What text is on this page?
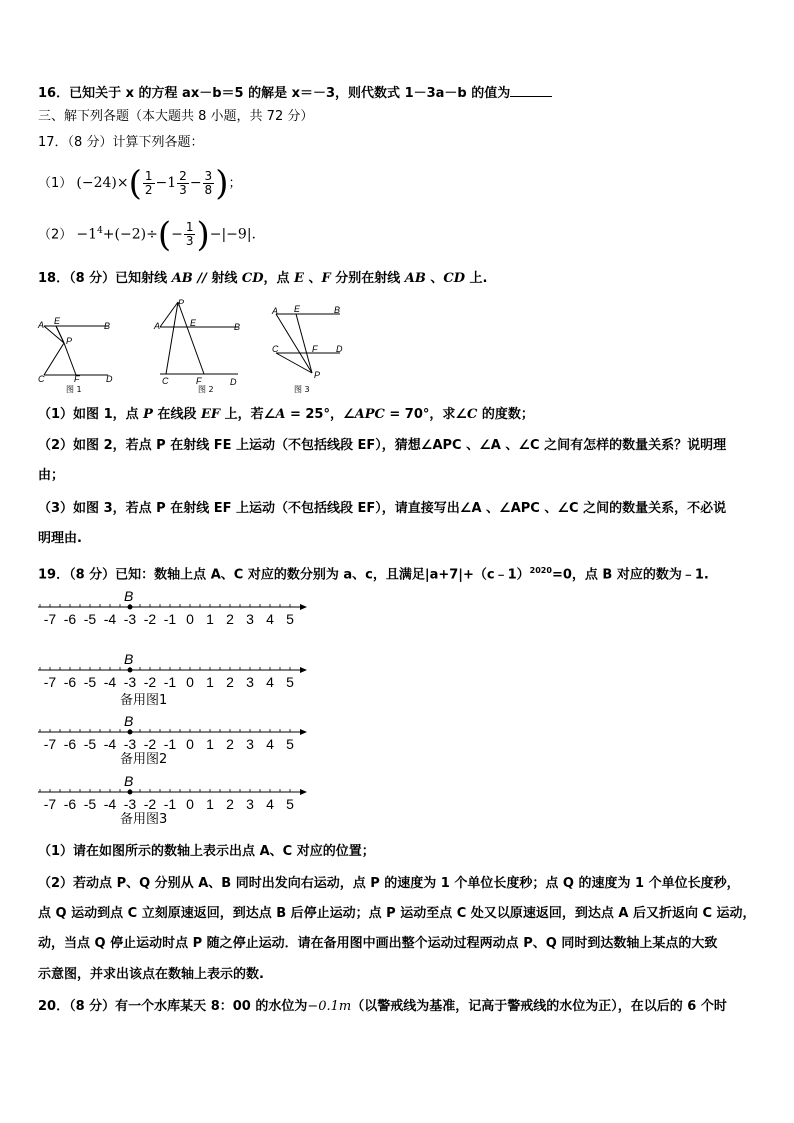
16．已知关于 x 的方程 ax－b＝5 的解是 x＝－3，则代数式 1－3a－b 的值为
三、解下列各题（本大题共 8 小题，共 72 分）
17．（8 分）计算下列各题：
（1） $(-24)\times( \frac{1}{2} -1 \frac{2}{3} - \frac{3}{8}$ )；
$(2) -1^4+(-2)\div(- \frac{1}{3} )-|-9|$.
18．（8 分）已知射线 AB // 射线 CD，点 E 、F 分别在射线 AB 、CD 上.
A E	B
P
C	F	D
图 1
P
A	E	B
C	F	D
图 2
A E	B
C	F D
P
图 3
（1）如图 1，点 P 在线段 EF 上，若∠A = 25°，∠APC = 70°，求∠C 的度数；
（2）如图 2，若点 P 在射线 FE 上运动（不包括线段 EF），猜想∠APC 、∠A 、∠C 之间有怎样的数量关系？说明理
由；
（3）如图 3，若点 P 在射线 EF 上运动（不包括线段 EF），请直接写出∠A 、∠APC 、∠C 之间的数量关系，不必说
明理由.
19．（8 分）已知：数轴上点 A、C 对应的数分别为 a、c，且满足|a+7|+（c﹣1）$^{2020}$=0，点 B 对应的数为﹣1.
-7 -6 -5 -4 -3 -2 -1 0 1 2 3 4 5
B
-7 -6 -5 -4 -3 -2 -1 0 1 2 3 4 5
B
-7 -6 -5 -4 -3 -2 -1 0 1 2 3 4 5
B
-7 -6 -5 -4 -3 -2 -1 0 1 2 3 4 5
B
备用图1
备用图2
备用图3
（1）请在如图所示的数轴上表示出点 A、C 对应的位置；
（2）若动点 P、Q 分别从 A、B 同时出发向右运动，点 P 的速度为 1 个单位长度秒；点 Q 的速度为 1 个单位长度秒，
点 Q 运动到点 C 立刻原速返回，到达点 B 后停止运动；点 P 运动至点 C 处又以原速返回，到达点 A 后又折返向 C 运动，
动，当点 Q 停止运动时点 P 随之停止运动．请在备用图中画出整个运动过程两动点 P、Q 同时到达数轴上某点的大致
示意图，并求出该点在数轴上表示的数.
20．（8 分）有一个水库某天 8：00 的水位为−0.1m（以警戒线为基准，记高于警戒线的水位为正），在以后的 6 个时
